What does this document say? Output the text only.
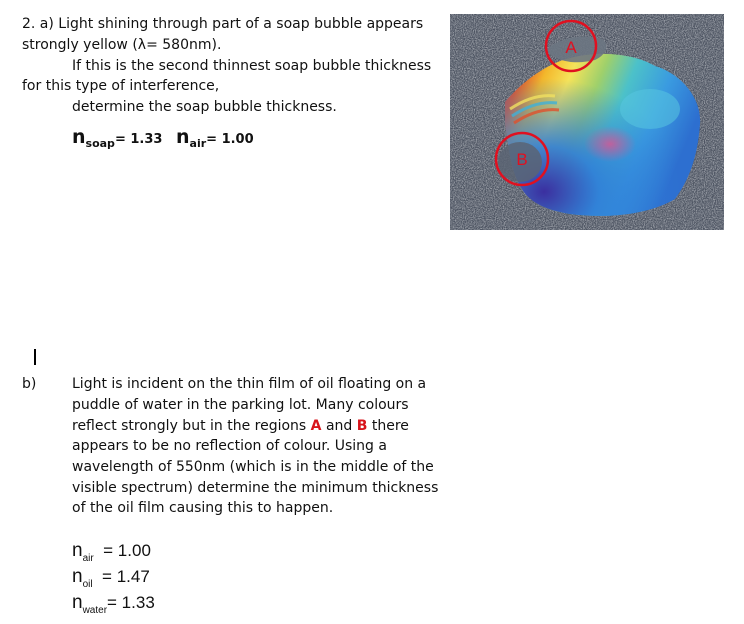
2. a) Light shining through part of a soap bubble appears
strongly yellow (λ= 580nm).
If this is the second thinnest soap bubble thickness
for this type of interference,
determine the soap bubble thickness.
$n_{soap}= 1.33$ $n_{air}= 1.00$
A
B
b)	Light is incident on the thin film of oil floating on a
puddle of water in the parking lot. Many colours
reflect strongly but in the regions A and B there
appears to be no reflection of colour. Using a
wavelength of 550nm (which is in the middle of the
visible spectrum) determine the minimum thickness
of the oil film causing this to happen.
$n_{air} = 1.00$
$n_{oil} = 1.47$
$n_{water}= 1.33$
